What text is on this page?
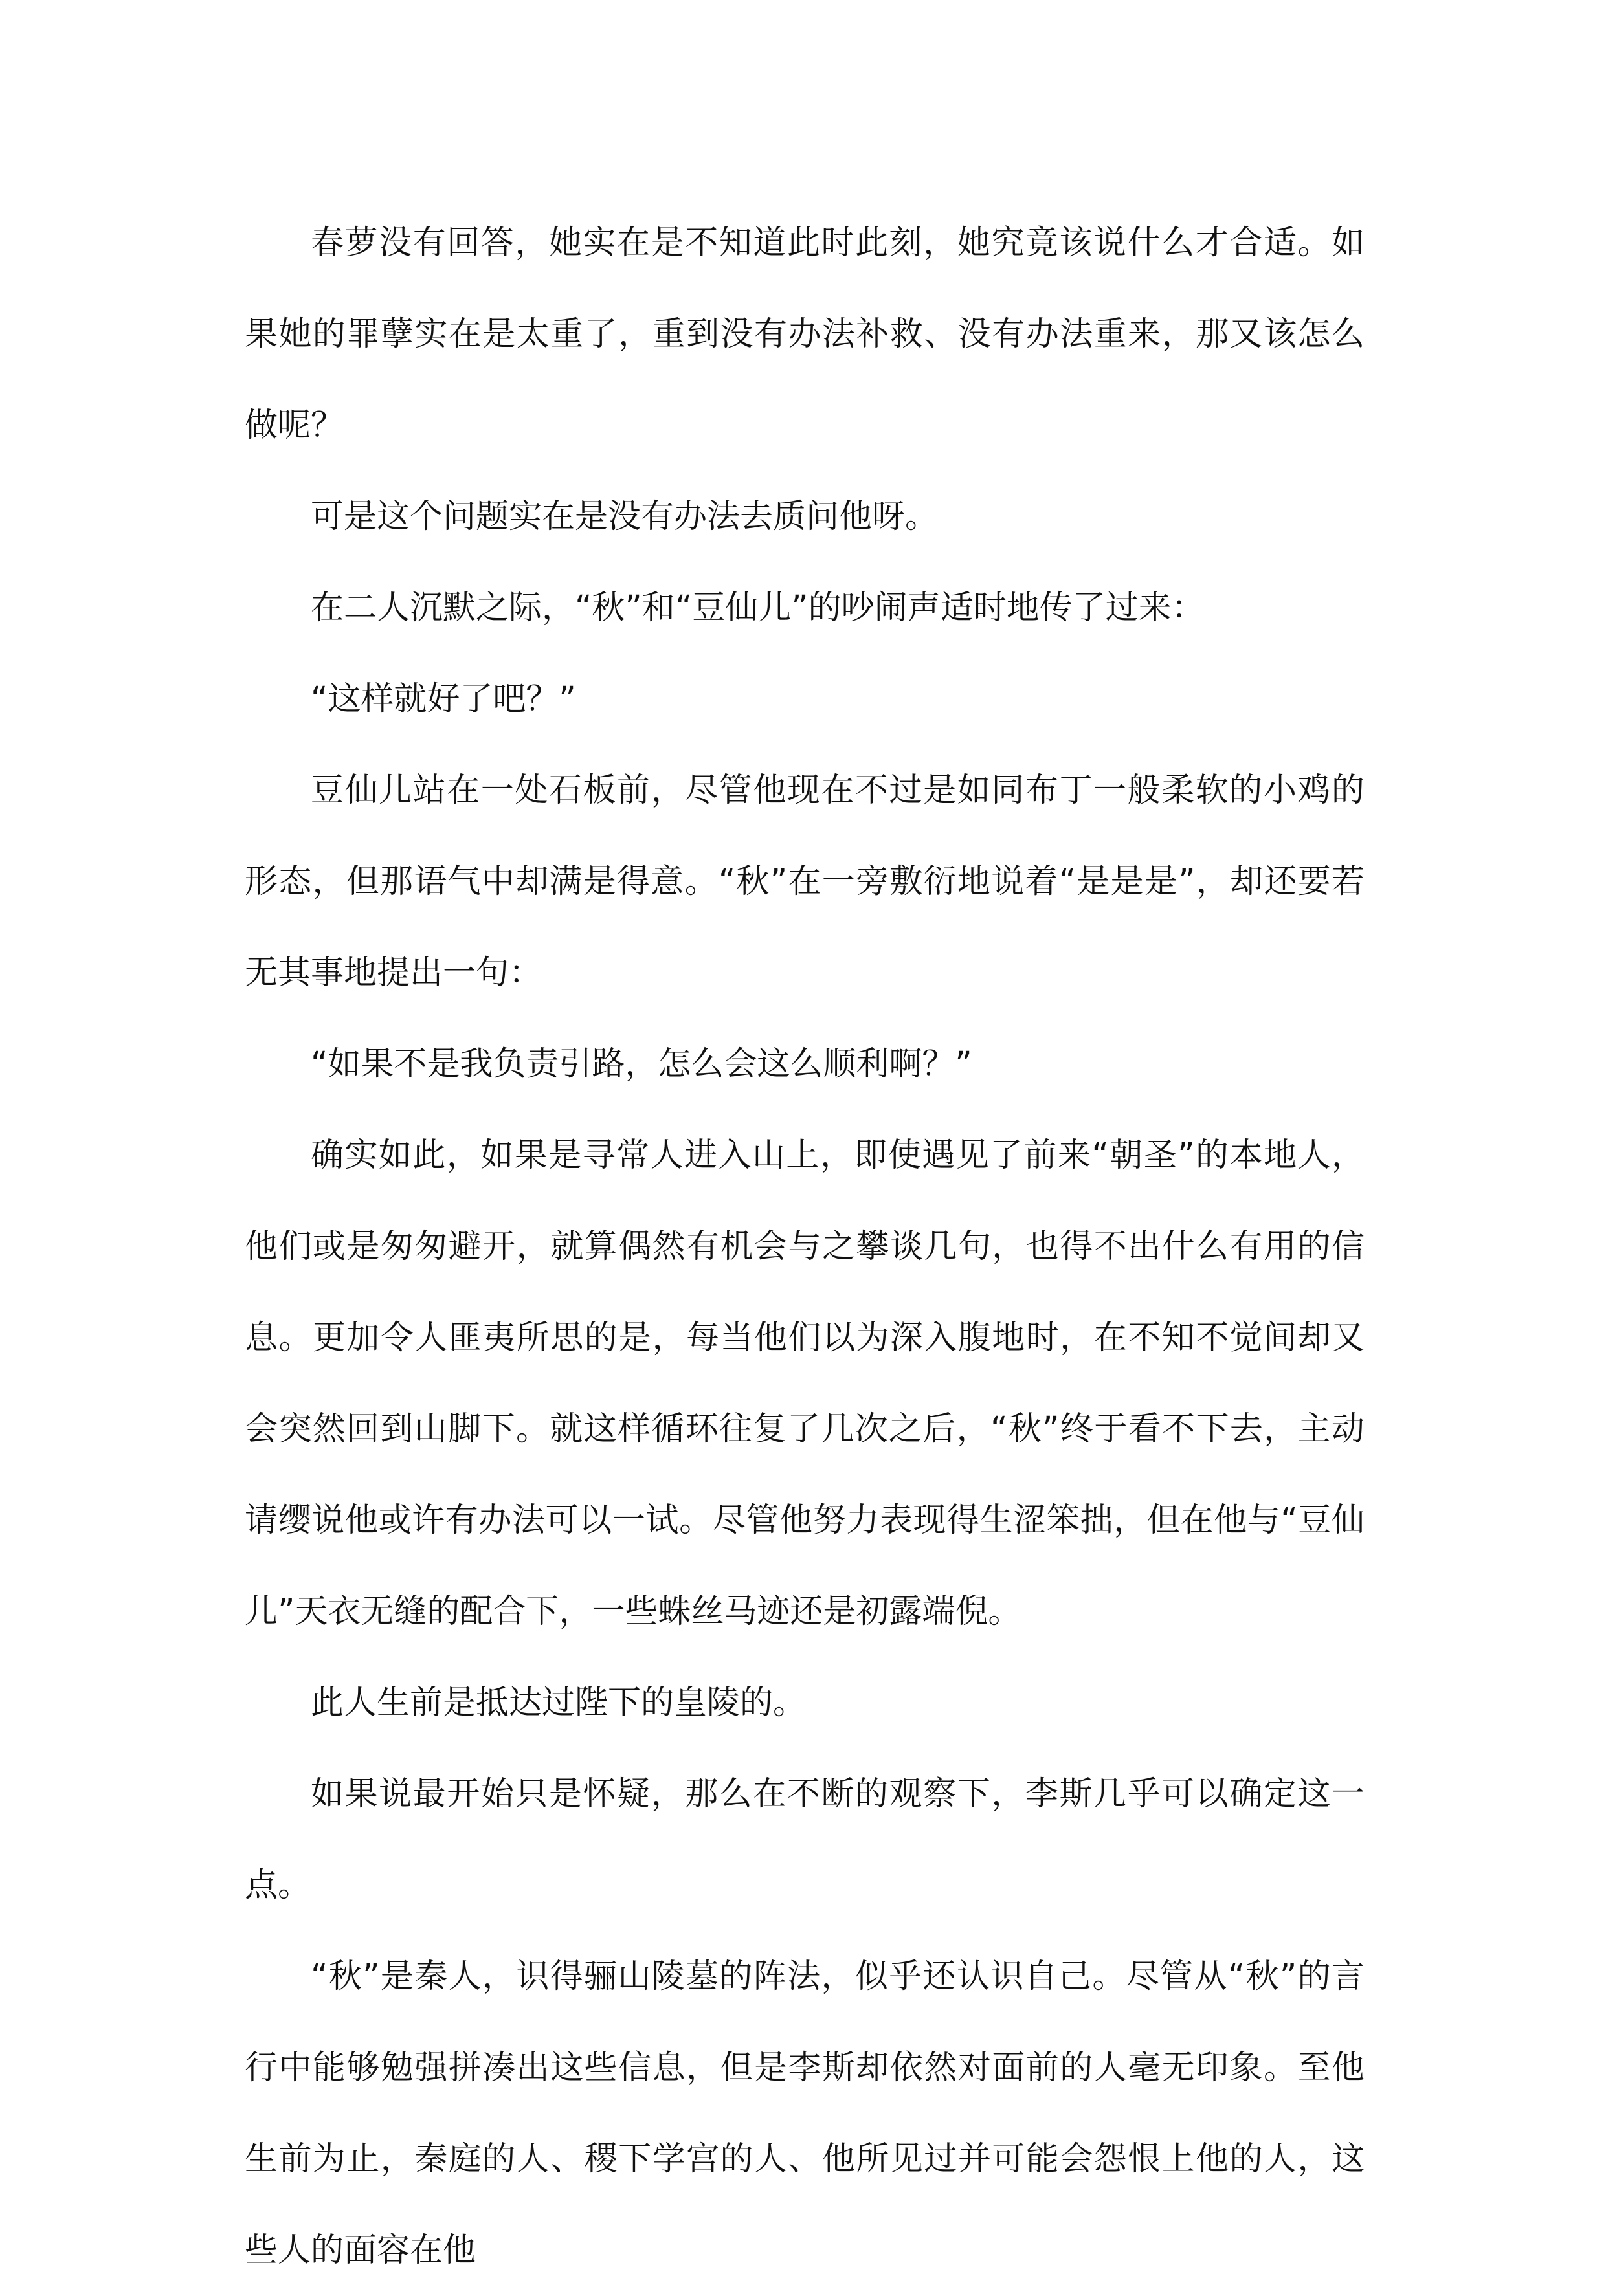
春萝没有回答，她实在是不知道此时此刻，她究竟该说什么才合适。如果她的罪孽实在是太重了，重到没有办法补救、没有办法重来，那又该怎么做呢？

可是这个问题实在是没有办法去质问他呀。

在二人沉默之际，“秋”和“豆仙儿”的吵闹声适时地传了过来：

“这样就好了吧？”

豆仙儿站在一处石板前，尽管他现在不过是如同布丁一般柔软的小鸡的形态，但那语气中却满是得意。“秋”在一旁敷衍地说着“是是是”，却还要若无其事地提出一句：

“如果不是我负责引路，怎么会这么顺利啊？”

确实如此，如果是寻常人进入山上，即使遇见了前来“朝圣”的本地人，他们或是匆匆避开，就算偶然有机会与之攀谈几句，也得不出什么有用的信息。更加令人匪夷所思的是，每当他们以为深入腹地时，在不知不觉间却又会突然回到山脚下。就这样循环往复了几次之后，“秋”终于看不下去，主动请缨说他或许有办法可以一试。尽管他努力表现得生涩笨拙，但在他与“豆仙儿”天衣无缝的配合下，一些蛛丝马迹还是初露端倪。

此人生前是抵达过陛下的皇陵的。

如果说最开始只是怀疑，那么在不断的观察下，李斯几乎可以确定这一点。

“秋”是秦人，识得骊山陵墓的阵法，似乎还认识自己。尽管从“秋”的言行中能够勉强拼凑出这些信息，但是李斯却依然对面前的人毫无印象。至他生前为止，秦庭的人、稷下学宫的人、他所见过并可能会怨恨上他的人，这些人的面容在他
